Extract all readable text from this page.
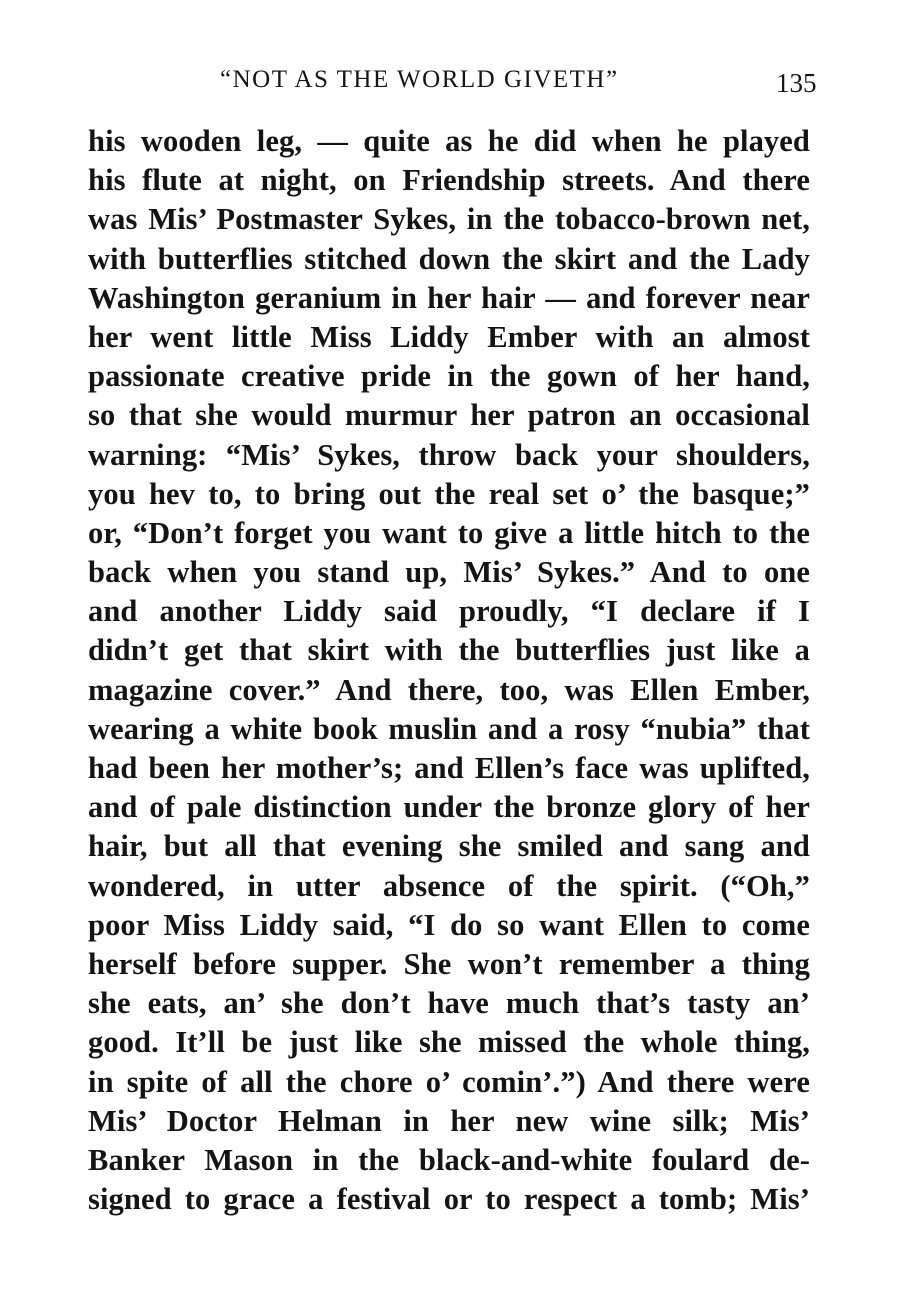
“NOT AS THE WORLD GIVETH”	135
his wooden leg, — quite as he did when he played
his flute at night, on Friendship streets. And there
was Mis’ Postmaster Sykes, in the tobacco-brown net,
with butterflies stitched down the skirt and the Lady
Washington geranium in her hair — and forever near
her went little Miss Liddy Ember with an almost
passionate creative pride in the gown of her hand,
so that she would murmur her patron an occasional
warning: “Mis’ Sykes, throw back your shoulders,
you hev to, to bring out the real set o’ the basque;”
or, “Don’t forget you want to give a little hitch to the
back when you stand up, Mis’ Sykes.” And to one
and another Liddy said proudly, “I declare if I
didn’t get that skirt with the butterflies just like a
magazine cover.” And there, too, was Ellen Ember,
wearing a white book muslin and a rosy “nubia” that
had been her mother’s; and Ellen’s face was uplifted,
and of pale distinction under the bronze glory of her
hair, but all that evening she smiled and sang and
wondered, in utter absence of the spirit. (“Oh,”
poor Miss Liddy said, “I do so want Ellen to come
herself before supper. She won’t remember a thing
she eats, an’ she don’t have much that’s tasty an’
good. It’ll be just like she missed the whole thing,
in spite of all the chore o’ comin’.”) And there were
Mis’ Doctor Helman in her new wine silk; Mis’
Banker Mason in the black-and-white foulard de-
signed to grace a festival or to respect a tomb; Mis’
